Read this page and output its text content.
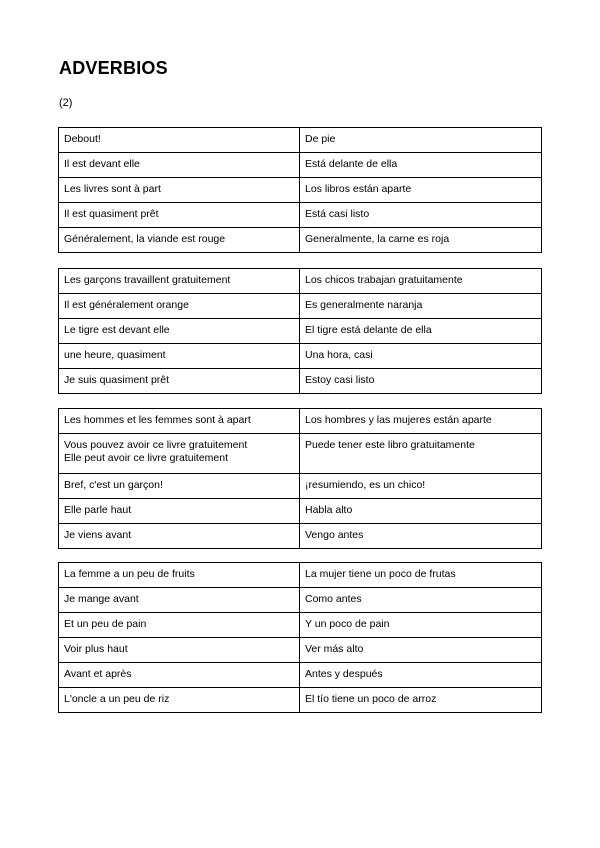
ADVERBIOS
(2)
Debout!	De pie

Il est devant elle	Está delante de ella

Les livres sont à part	Los libros están aparte

Il est quasiment prêt	Está casi listo

Généralement, la viande est rouge	Generalmente, la carne es roja
Les garçons travaillent gratuitement	Los chicos trabajan gratuitamente

Il est généralement orange	Es generalmente naranja

Le tigre est devant elle	El tigre está delante de ella

une heure, quasiment	Una hora, casi

Je suis quasiment prêt	Estoy casi listo
Les hommes et les femmes sont à apart	Los hombres y las mujeres están aparte

Vous pouvez avoir ce livre gratuitement
Elle peut avoir ce livre gratuitement	Puede tener este libro gratuitamente

Bref, c'est un garçon!	¡resumiendo, es un chico!

Elle parle haut	Habla alto

Je viens avant	Vengo antes
La femme a un peu de fruits	La mujer tiene un poco de frutas

Je mange avant	Como antes

Et un peu de pain	Y un poco de pain

Voir plus haut	Ver más alto

Avant et après	Antes y después

L'oncle a un peu de riz	El tío tiene un poco de arroz
